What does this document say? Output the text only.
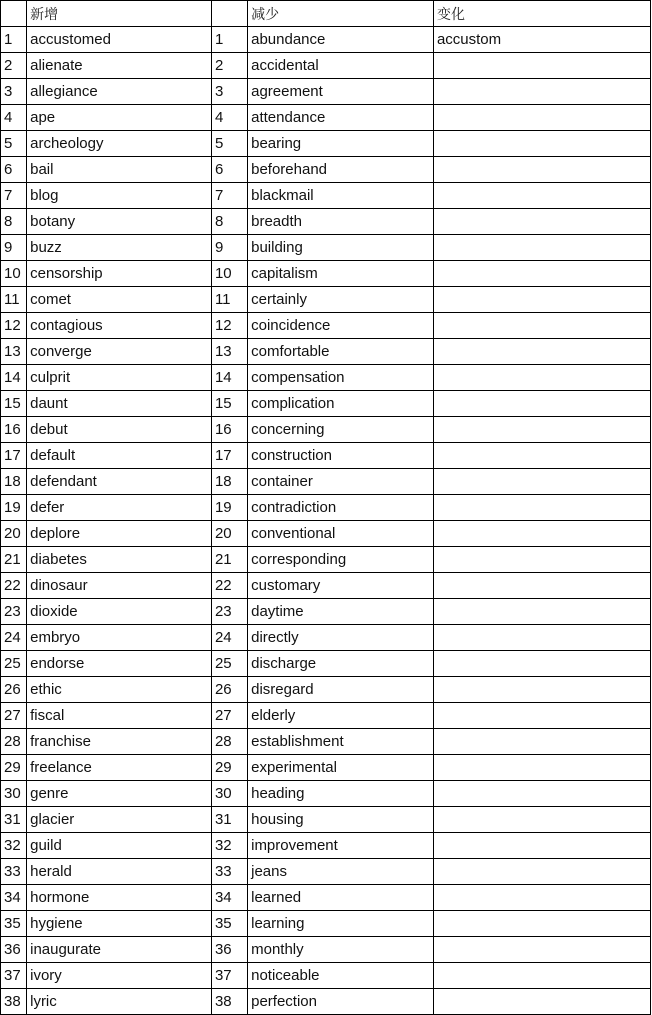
	新增		减少	变化
1	accustomed	1	abundance	accustom
2	alienate	2	accidental	
3	allegiance	3	agreement	
4	ape	4	attendance	
5	archeology	5	bearing	
6	bail	6	beforehand	
7	blog	7	blackmail	
8	botany	8	breadth	
9	buzz	9	building	
10	censorship	10	capitalism	
11	comet	11	certainly	
12	contagious	12	coincidence	
13	converge	13	comfortable	
14	culprit	14	compensation	
15	daunt	15	complication	
16	debut	16	concerning	
17	default	17	construction	
18	defendant	18	container	
19	defer	19	contradiction	
20	deplore	20	conventional	
21	diabetes	21	corresponding	
22	dinosaur	22	customary	
23	dioxide	23	daytime	
24	embryo	24	directly	
25	endorse	25	discharge	
26	ethic	26	disregard	
27	fiscal	27	elderly	
28	franchise	28	establishment	
29	freelance	29	experimental	
30	genre	30	heading	
31	glacier	31	housing	
32	guild	32	improvement	
33	herald	33	jeans	
34	hormone	34	learned	
35	hygiene	35	learning	
36	inaugurate	36	monthly	
37	ivory	37	noticeable	
38	lyric	38	perfection	
